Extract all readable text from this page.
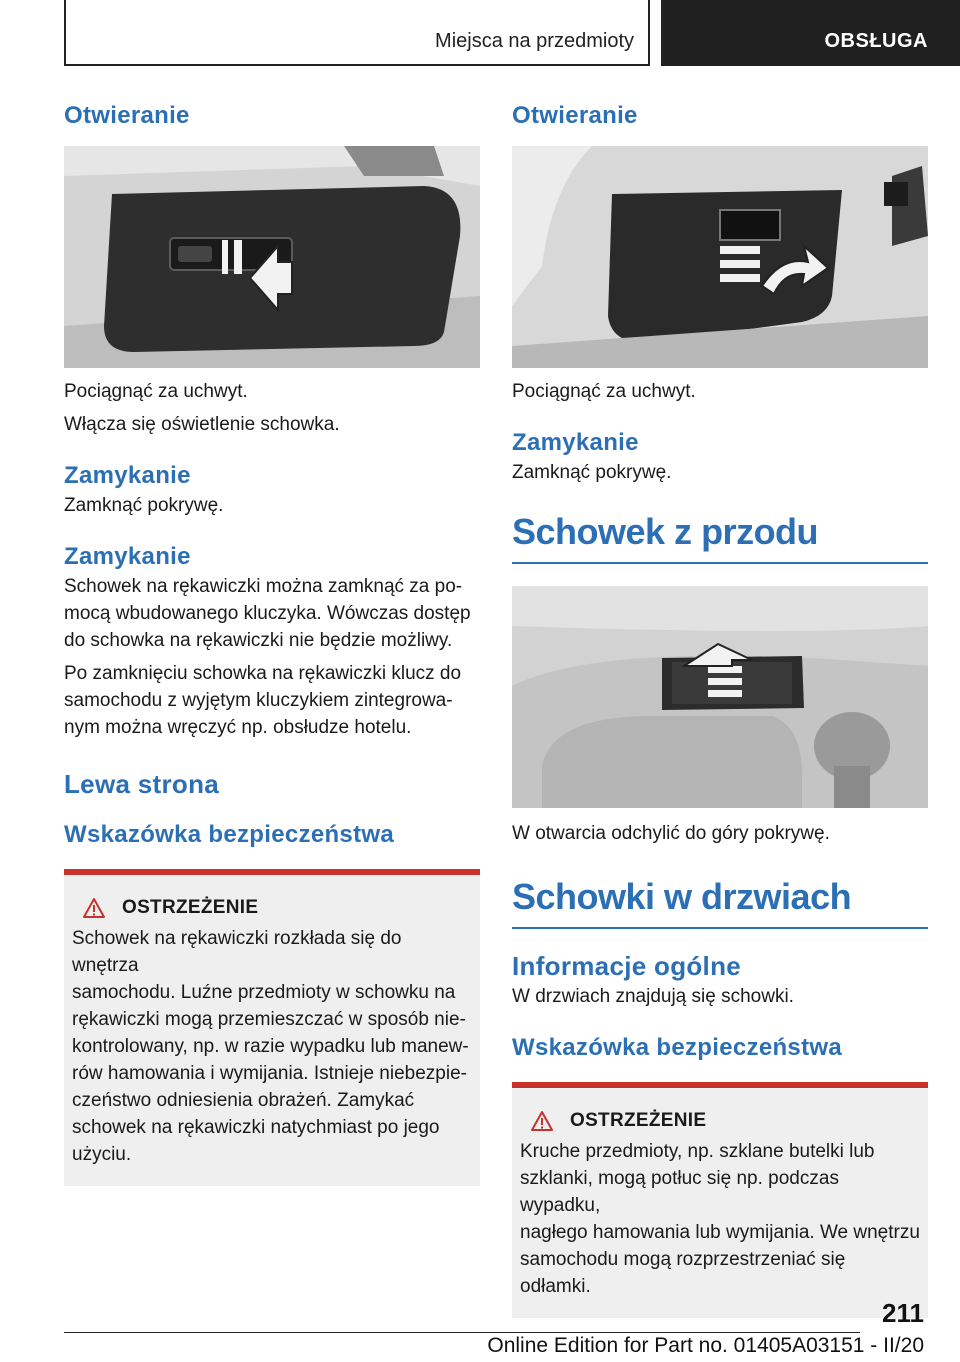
Miejsca na przedmioty	OBSŁUGA
Otwieranie
Pociągnąć za uchwyt.
Włącza się oświetlenie schowka.
Zamykanie
Zamknąć pokrywę.
Zamykanie
Schowek na rękawiczki można zamknąć za po-
mocą wbudowanego kluczyka. Wówczas dostęp
do schowka na rękawiczki nie będzie możliwy.
Po zamknięciu schowka na rękawiczki klucz do
samochodu z wyjętym kluczykiem zintegrowa-
nym można wręczyć np. obsłudze hotelu.
Lewa strona
Wskazówka bezpieczeństwa
OSTRZEŻENIE
Schowek na rękawiczki rozkłada się do wnętrza
samochodu. Luźne przedmioty w schowku na
rękawiczki mogą przemieszczać w sposób nie-
kontrolowany, np. w razie wypadku lub manew-
rów hamowania i wymijania. Istnieje niebezpie-
czeństwo odniesienia obrażeń. Zamykać
schowek na rękawiczki natychmiast po jego
użyciu.
Otwieranie
Pociągnąć za uchwyt.
Zamykanie
Zamknąć pokrywę.
Schowek z przodu
W otwarcia odchylić do góry pokrywę.
Schowki w drzwiach
Informacje ogólne
W drzwiach znajdują się schowki.
Wskazówka bezpieczeństwa
OSTRZEŻENIE
Kruche przedmioty, np. szklane butelki lub
szklanki, mogą potłuc się np. podczas wypadku,
nagłego hamowania lub wymijania. We wnętrzu
samochodu mogą rozprzestrzeniać się odłamki.
211
Online Edition for Part no. 01405A03151 - II/20
